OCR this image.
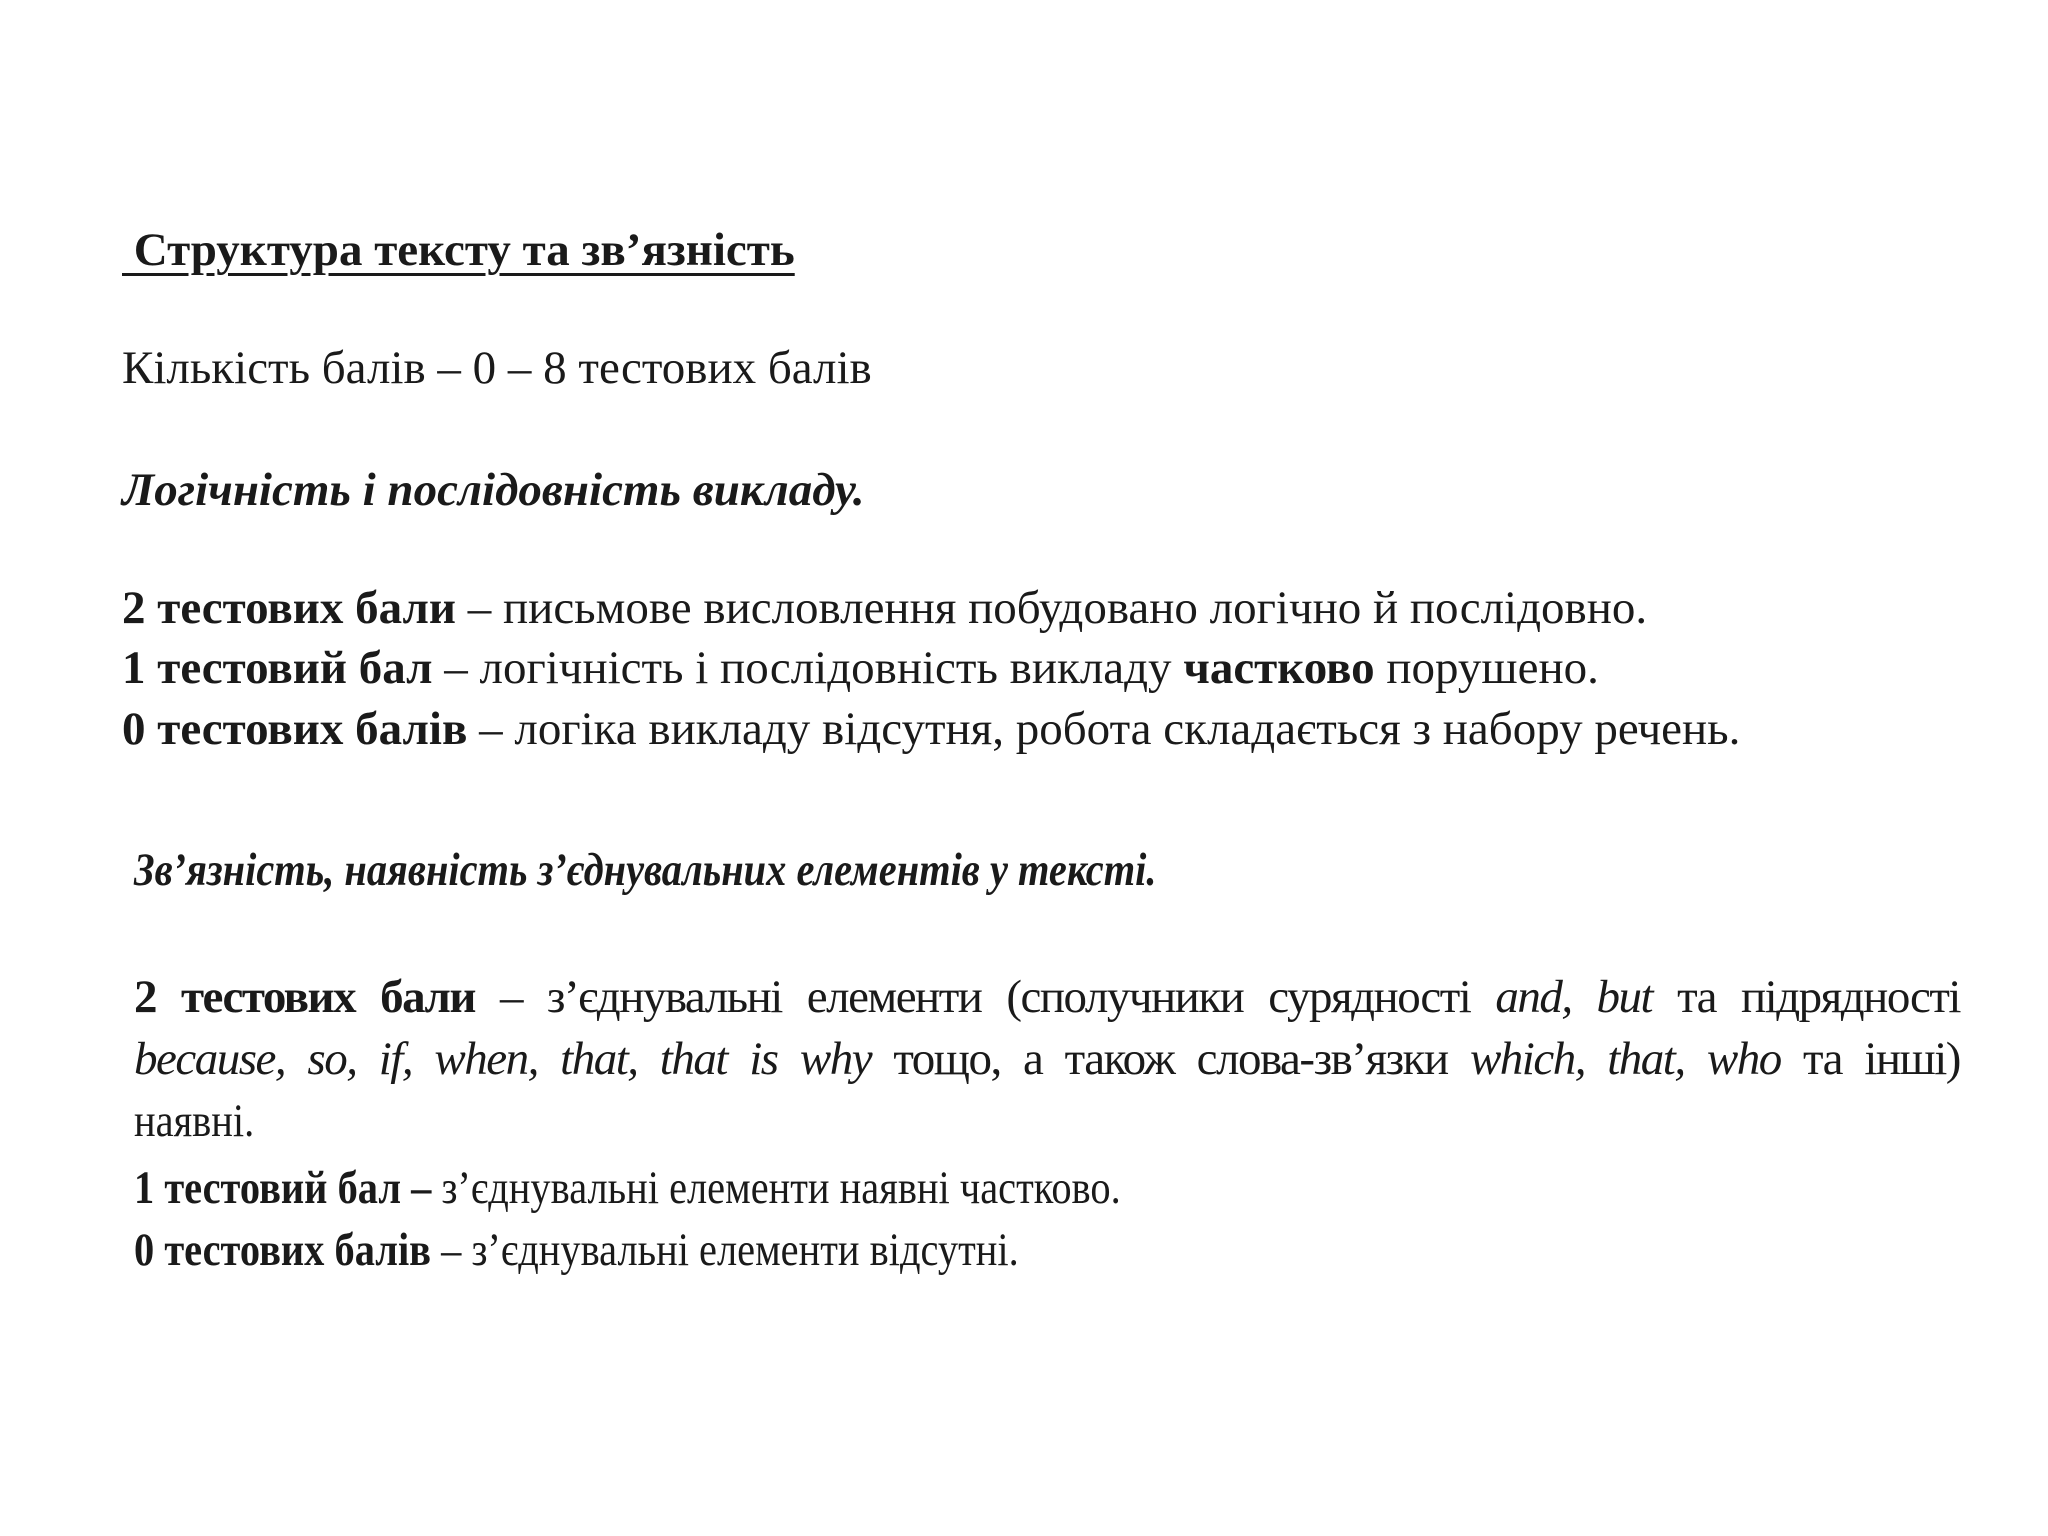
Структура тексту та зв’язність
Кількість балів – 0 – 8 тестових балів
Логічність і послідовність викладу.
2 тестових бали – письмове висловлення побудовано логічно й послідовно.
1 тестовий бал – логічність і послідовність викладу частково порушено.
0 тестових балів – логіка викладу відсутня, робота складається з набору речень.
Зв’язність, наявність з’єднувальних елементів у тексті.
2 тестових бали – з’єднувальні елементи (сполучники сурядності and, but та підрядності
because, so, if, when, that, that is why тощо, а також слова-зв’язки which, that, who та інші)
наявні.
1 тестовий бал – з’єднувальні елементи наявні частково.
0 тестових балів – з’єднувальні елементи відсутні.
